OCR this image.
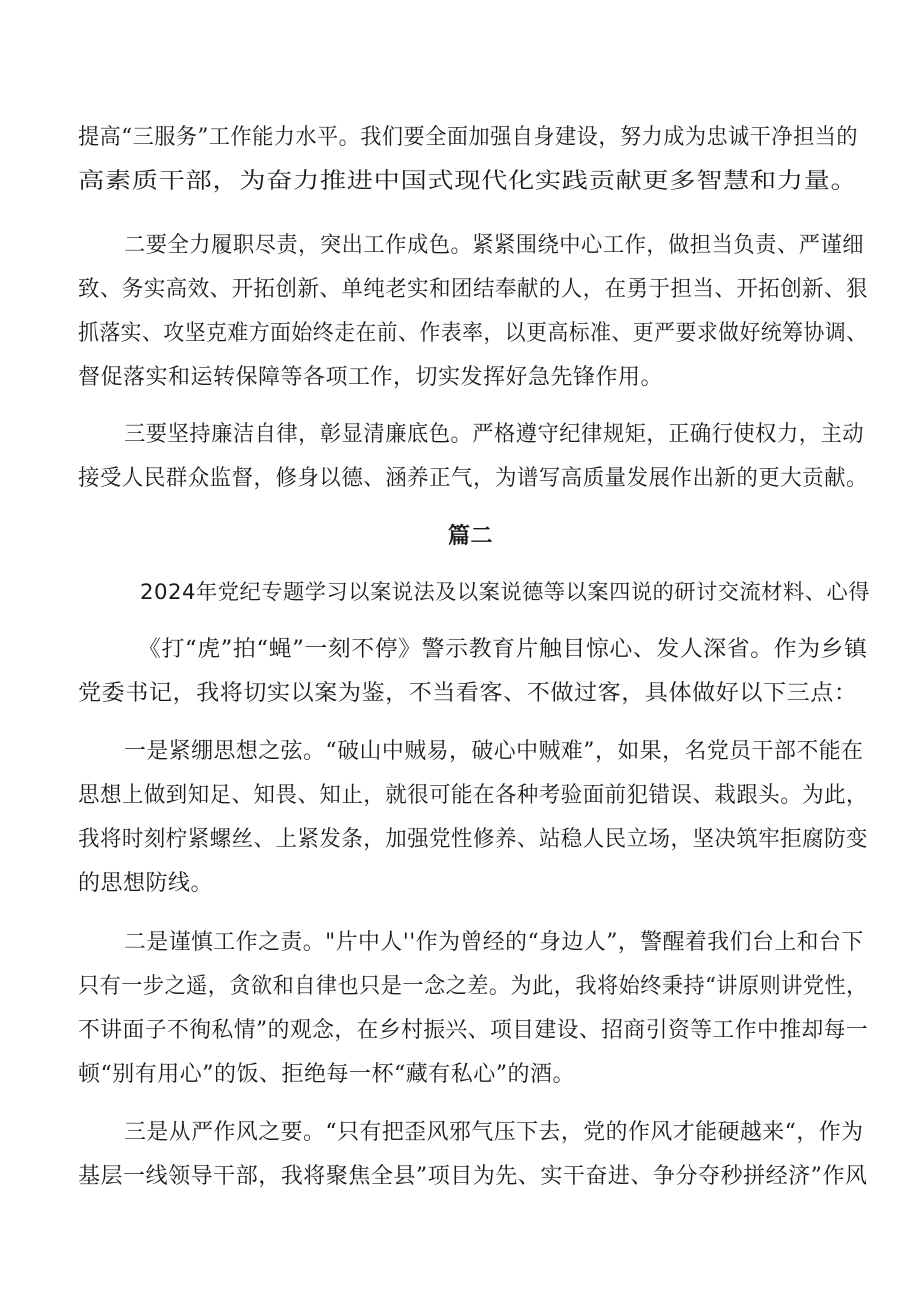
提高“三服务”工作能力水平。我们要全面加强自身建设，努力成为忠诚干净担当的
高素质干部，为奋力推进中国式现代化实践贡献更多智慧和力量。
二要全力履职尽责，突出工作成色。紧紧围绕中心工作，做担当负责、严谨细
致、务实高效、开拓创新、单纯老实和团结奉献的人，在勇于担当、开拓创新、狠
抓落实、攻坚克难方面始终走在前、作表率，以更高标准、更严要求做好统筹协调、
督促落实和运转保障等各项工作，切实发挥好急先锋作用。
三要坚持廉洁自律，彰显清廉底色。严格遵守纪律规矩，正确行使权力，主动
接受人民群众监督，修身以德、涵养正气，为谱写高质量发展作出新的更大贡献。
篇二
2024年党纪专题学习以案说法及以案说德等以案四说的研讨交流材料、心得
《打“虎”拍“蝇”一刻不停》警示教育片触目惊心、发人深省。作为乡镇
党委书记，我将切实以案为鉴，不当看客、不做过客，具体做好以下三点：
一是紧绷思想之弦。“破山中贼易，破心中贼难”，如果，名党员干部不能在
思想上做到知足、知畏、知止，就很可能在各种考验面前犯错误、栽跟头。为此，
我将时刻柠紧螺丝、上紧发条，加强党性修养、站稳人民立场，坚决筑牢拒腐防变
的思想防线。
二是谨慎工作之责。"片中人''作为曾经的“身边人”，警醒着我们台上和台下
只有一步之遥，贪欲和自律也只是一念之差。为此，我将始终秉持“讲原则讲党性，
不讲面子不徇私情”的观念，在乡村振兴、项目建设、招商引资等工作中推却每一
顿“别有用心”的饭、拒绝每一杯“藏有私心”的酒。
三是从严作风之要。“只有把歪风邪气压下去，党的作风才能硬越来“，作为
基层一线领导干部，我将聚焦全县”项目为先、实干奋进、争分夺秒拼经济”作风
